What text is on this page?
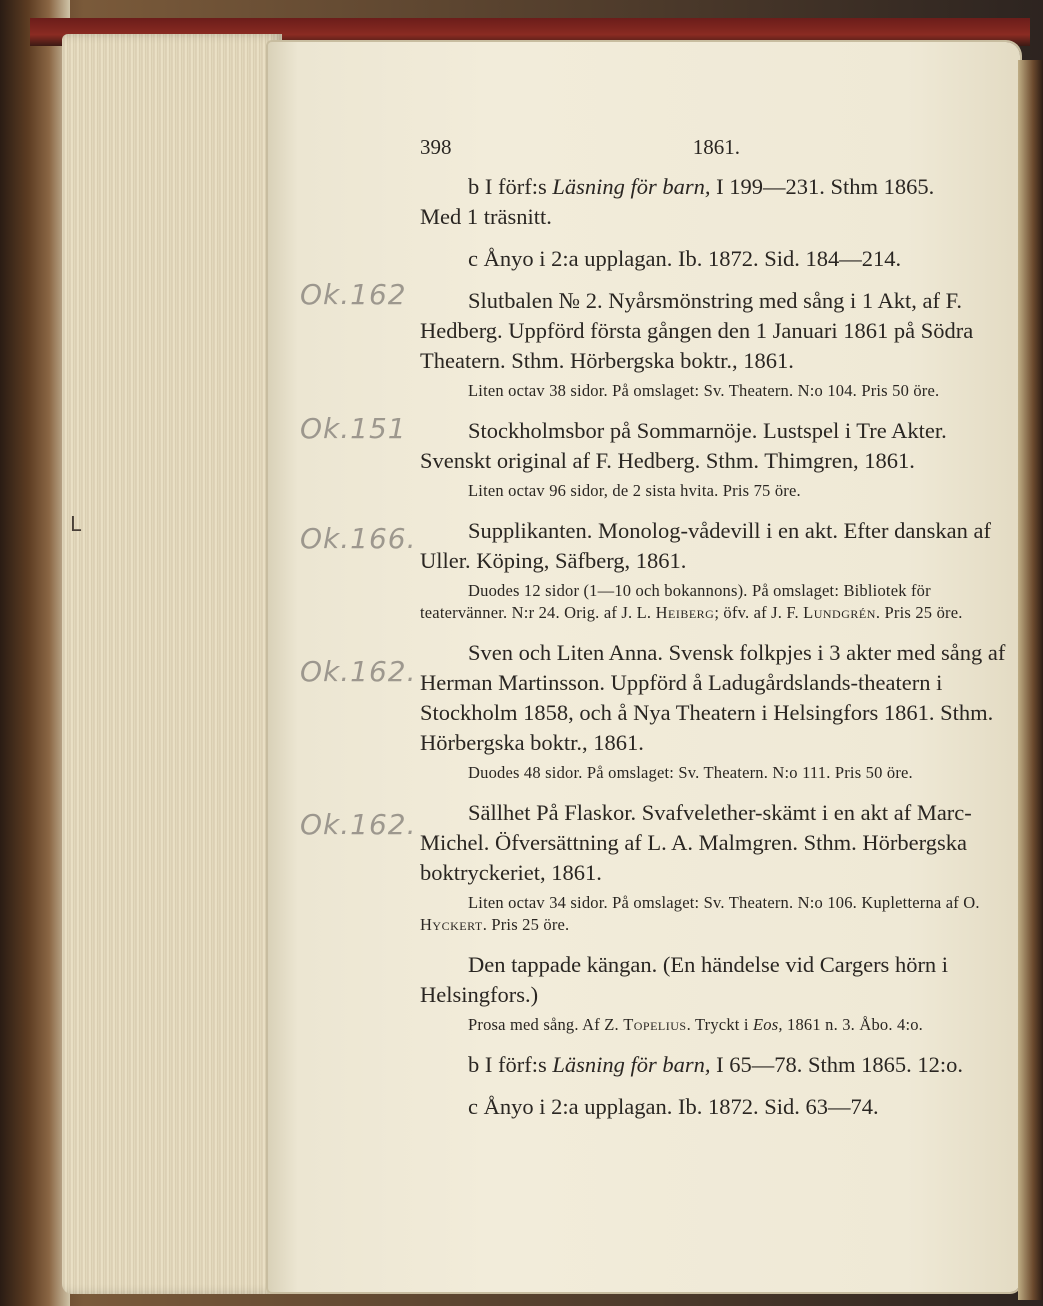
Ok.162
Ok.151
Ok.166.
Ok.162.
Ok.162.
L
398	1861.

b I förf:s Läsning för barn, I 199—231. Sthm 1865.

Med 1 träsnitt.

c Ånyo i 2:a upplagan. Ib. 1872. Sid. 184—214.

Slutbalen № 2. Nyårsmönstring med sång i 1 Akt, af F. Hedberg. Uppförd första gången den 1 Januari 1861 på Södra Theatern. Sthm. Hörbergska boktr., 1861.

Liten octav 38 sidor. På omslaget: Sv. Theatern. N:o 104. Pris 50 öre.

Stockholmsbor på Sommarnöje. Lustspel i Tre Akter. Svenskt original af F. Hedberg. Sthm. Thimgren, 1861.

Liten octav 96 sidor, de 2 sista hvita. Pris 75 öre.

Supplikanten. Monolog-vådevill i en akt. Efter danskan af Uller. Köping, Säfberg, 1861.

Duodes 12 sidor (1—10 och bokannons). På omslaget: Bibliotek för teatervänner. N:r 24. Orig. af J. L. Heiberg; öfv. af J. F. Lundgrén. Pris 25 öre.

Sven och Liten Anna. Svensk folkpjes i 3 akter med sång af Herman Martinsson. Uppförd å Ladugårdslands-theatern i Stockholm 1858, och å Nya Theatern i Helsingfors 1861. Sthm. Hörbergska boktr., 1861.

Duodes 48 sidor. På omslaget: Sv. Theatern. N:o 111. Pris 50 öre.

Sällhet På Flaskor. Svafvelether-skämt i en akt af Marc-Michel. Öfversättning af L. A. Malmgren. Sthm. Hörbergska boktryckeriet, 1861.

Liten octav 34 sidor. På omslaget: Sv. Theatern. N:o 106. Kupletterna af O. Hyckert. Pris 25 öre.

Den tappade kängan. (En händelse vid Cargers hörn i Helsingfors.)

Prosa med sång. Af Z. Topelius. Tryckt i Eos, 1861 n. 3. Åbo. 4:o.

b I förf:s Läsning för barn, I 65—78. Sthm 1865. 12:o.

c Ånyo i 2:a upplagan. Ib. 1872. Sid. 63—74.
